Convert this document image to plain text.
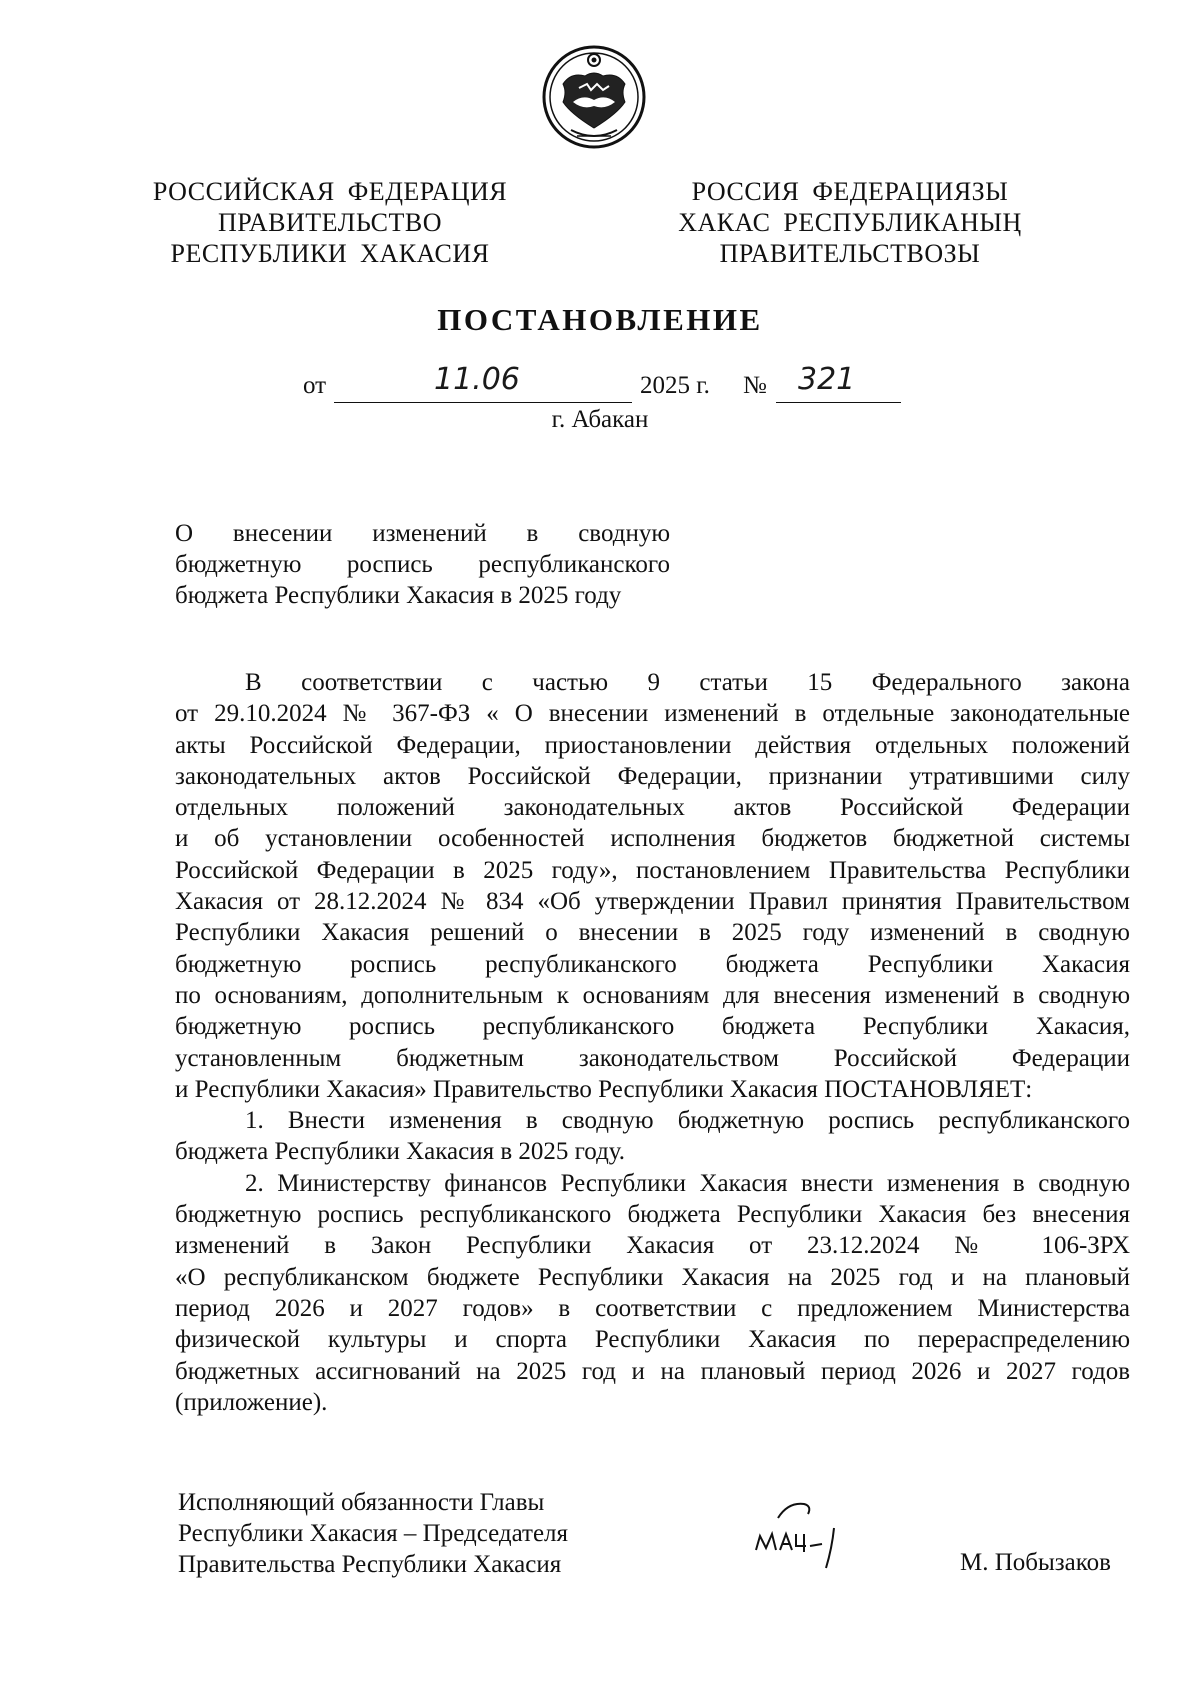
РОССИЙСКАЯ ФЕДЕРАЦИЯ
ПРАВИТЕЛЬСТВО
РЕСПУБЛИКИ ХАКАСИЯ
РОССИЯ ФЕДЕРАЦИЯЗЫ
ХАКАС РЕСПУБЛИКАНЫҢ
ПРАВИТЕЛЬСТВОЗЫ
ПОСТАНОВЛЕНИЕ
от	11.06	2025 г. № 321
г. Абакан
О внесении изменений в сводную
бюджетную роспись республиканского
бюджета Республики Хакасия в 2025 году
В соответствии с частью 9 статьи 15 Федерального закона
от 29.10.2024 № 367-ФЗ « О внесении изменений в отдельные законодательные
акты Российской Федерации, приостановлении действия отдельных положений
законодательных актов Российской Федерации, признании утратившими силу
отдельных положений законодательных актов Российской Федерации
и об установлении особенностей исполнения бюджетов бюджетной системы
Российской Федерации в 2025 году», постановлением Правительства Республики
Хакасия от 28.12.2024 № 834 «Об утверждении Правил принятия Правительством
Республики Хакасия решений о внесении в 2025 году изменений в сводную
бюджетную роспись республиканского бюджета Республики Хакасия
по основаниям, дополнительным к основаниям для внесения изменений в сводную
бюджетную роспись республиканского бюджета Республики Хакасия,
установленным бюджетным законодательством Российской Федерации
и Республики Хакасия» Правительство Республики Хакасия ПОСТАНОВЛЯЕТ:
1. Внести изменения в сводную бюджетную роспись республиканского
бюджета Республики Хакасия в 2025 году.
2. Министерству финансов Республики Хакасия внести изменения в сводную
бюджетную роспись республиканского бюджета Республики Хакасия без внесения
изменений в Закон Республики Хакасия от 23.12.2024 № 106-ЗРХ
«О республиканском бюджете Республики Хакасия на 2025 год и на плановый
период 2026 и 2027 годов» в соответствии с предложением Министерства
физической культуры и спорта Республики Хакасия по перераспределению
бюджетных ассигнований на 2025 год и на плановый период 2026 и 2027 годов
(приложение).
Исполняющий обязанности Главы
Республики Хакасия – Председателя
Правительства Республики Хакасия	М. Побызаков
